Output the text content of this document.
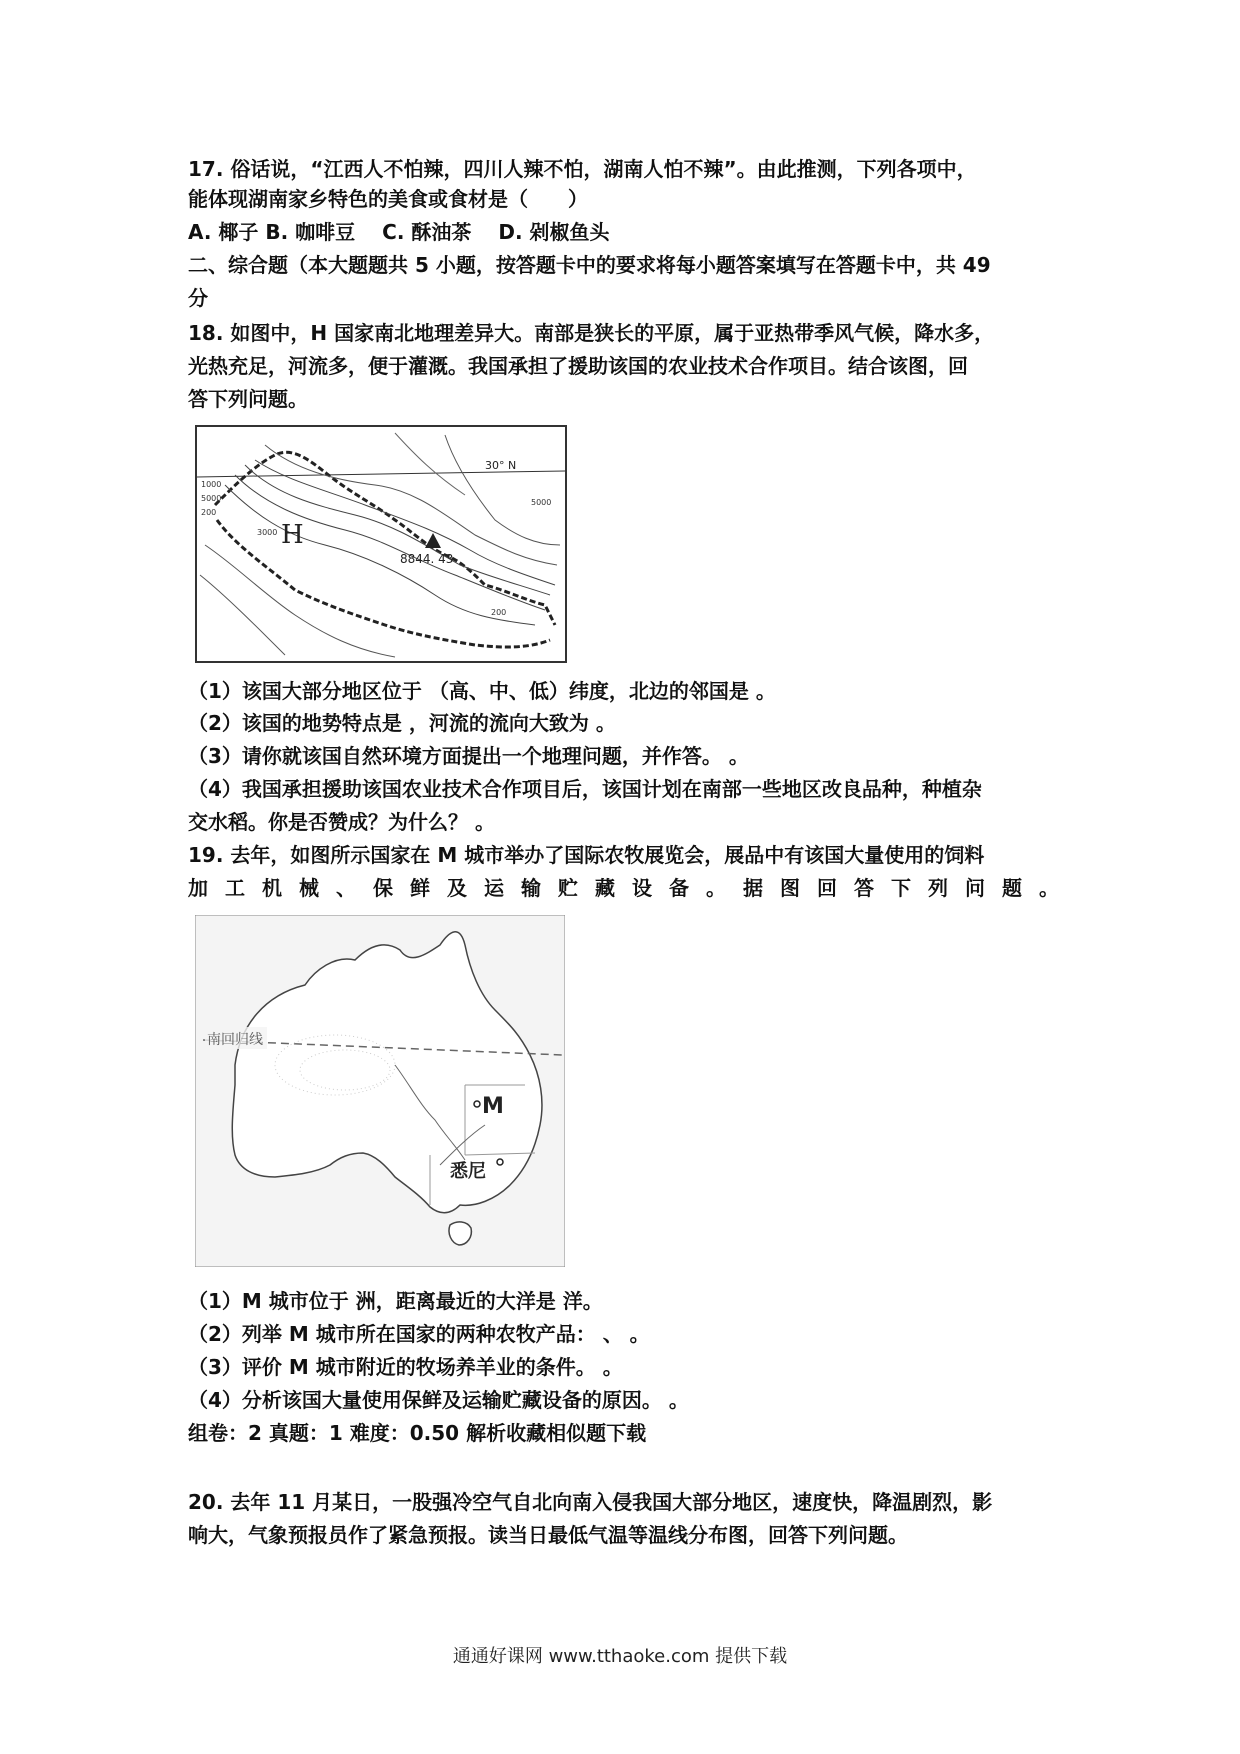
17. 俗话说，“江西人不怕辣，四川人辣不怕，湖南人怕不辣”。由此推测，下列各项中，
能体现湖南家乡特色的美食或食材是（　　）
A. 椰子 B. 咖啡豆　 C. 酥油茶　 D. 剁椒鱼头
二、综合题（本大题题共 5 小题，按答题卡中的要求将每小题答案填写在答题卡中，共 49
分
18. 如图中，H 国家南北地理差异大。南部是狭长的平原，属于亚热带季风气候，降水多，
光热充足，河流多，便于灌溉。我国承担了援助该国的农业技术合作项目。结合该图，回
答下列问题。
30° N
8844. 43
H
1000
5000
200
3000
5000
200
（1）该国大部分地区位于 （高、中、低）纬度，北边的邻国是 。
（2）该国的地势特点是 ，河流的流向大致为 。
（3）请你就该国自然环境方面提出一个地理问题，并作答。 。
（4）我国承担援助该国农业技术合作项目后，该国计划在南部一些地区改良品种，种植杂
交水稻。你是否赞成？为什么？ 。
19. 去年，如图所示国家在 M 城市举办了国际农牧展览会，展品中有该国大量使用的饲料
加工机械、保鲜及运输贮藏设备。据图回答下列问题。
南回归线
M
悉尼
（1）M 城市位于 洲，距离最近的大洋是 洋。
（2）列举 M 城市所在国家的两种农牧产品： 、 。
（3）评价 M 城市附近的牧场养羊业的条件。 。
（4）分析该国大量使用保鲜及运输贮藏设备的原因。 。
组卷：2 真题：1 难度：0.50 解析收藏相似题下载
20. 去年 11 月某日，一股强冷空气自北向南入侵我国大部分地区，速度快，降温剧烈，影
响大，气象预报员作了紧急预报。读当日最低气温等温线分布图，回答下列问题。
通通好课网 www.tthaoke.com 提供下载
